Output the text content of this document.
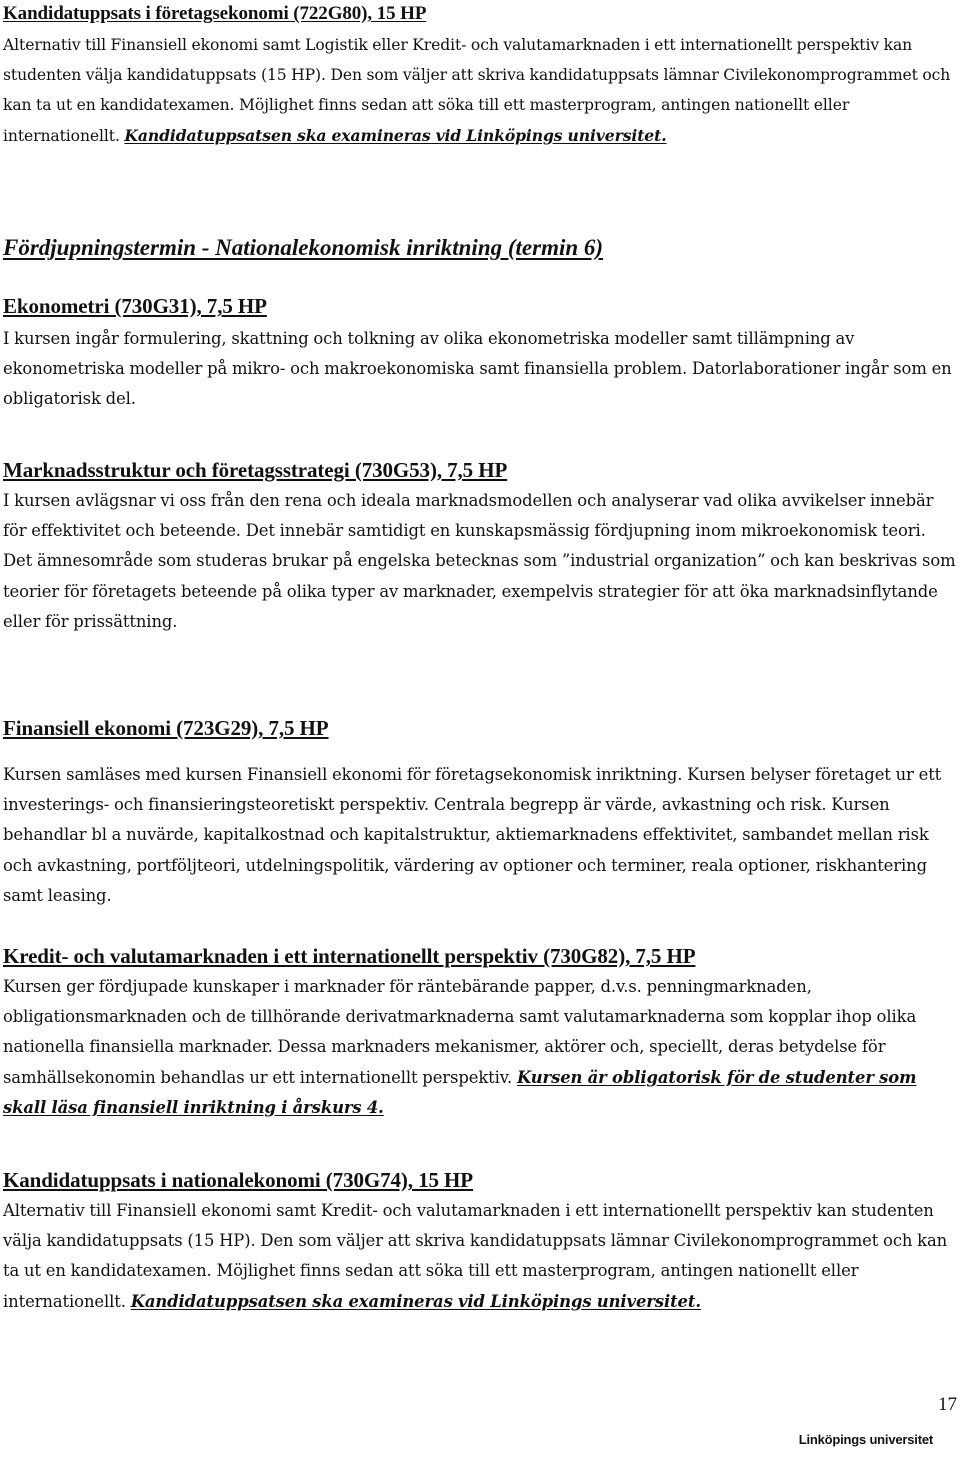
Kandidatuppsats i företagsekonomi (722G80), 15 HP

Alternativ till Finansiell ekonomi samt Logistik eller Kredit- och valutamarknaden i ett internationellt perspektiv kan studenten välja kandidatuppsats (15 HP). Den som väljer att skriva kandidatuppsats lämnar Civilekonomprogrammet och kan ta ut en kandidatexamen. Möjlighet finns sedan att söka till ett masterprogram, antingen nationellt eller internationellt. Kandidatuppsatsen ska examineras vid Linköpings universitet.

Fördjupningstermin - Nationalekonomisk inriktning (termin 6)
Ekonometri (730G31), 7,5 HP

I kursen ingår formulering, skattning och tolkning av olika ekonometriska modeller samt tillämpning av ekonometriska modeller på mikro- och makroekonomiska samt finansiella problem. Datorlaborationer ingår som en obligatorisk del.

Marknadsstruktur och företagsstrategi (730G53), 7,5 HP

I kursen avlägsnar vi oss från den rena och ideala marknadsmodellen och analyserar vad olika avvikelser innebär för effektivitet och beteende. Det innebär samtidigt en kunskapsmässig fördjupning inom mikroekonomisk teori. Det ämnesområde som studeras brukar på engelska betecknas som ”industrial organization” och kan beskrivas som teorier för företagets beteende på olika typer av marknader, exempelvis strategier för att öka marknadsinflytande eller för prissättning.

Finansiell ekonomi (723G29), 7,5 HP

Kursen samläses med kursen Finansiell ekonomi för företagsekonomisk inriktning. Kursen belyser företaget ur ett investerings- och finansieringsteoretiskt perspektiv. Centrala begrepp är värde, avkastning och risk. Kursen behandlar bl a nuvärde, kapitalkostnad och kapitalstruktur, aktiemarknadens effektivitet, sambandet mellan risk och avkastning, portföljteori, utdelningspolitik, värdering av optioner och terminer, reala optioner, riskhantering samt leasing.

Kredit- och valutamarknaden i ett internationellt perspektiv (730G82), 7,5 HP

Kursen ger fördjupade kunskaper i marknader för räntebärande papper, d.v.s. penningmarknaden, obligationsmarknaden och de tillhörande derivatmarknaderna samt valutamarknaderna som kopplar ihop olika nationella finansiella marknader. Dessa marknaders mekanismer, aktörer och, speciellt, deras betydelse för samhällsekonomin behandlas ur ett internationellt perspektiv. Kursen är obligatorisk för de studenter som skall läsa finansiell inriktning i årskurs 4.

Kandidatuppsats i nationalekonomi (730G74), 15 HP

Alternativ till Finansiell ekonomi samt Kredit- och valutamarknaden i ett internationellt perspektiv kan studenten välja kandidatuppsats (15 HP). Den som väljer att skriva kandidatuppsats lämnar Civilekonomprogrammet och kan ta ut en kandidatexamen. Möjlighet finns sedan att söka till ett masterprogram, antingen nationellt eller internationellt. Kandidatuppsatsen ska examineras vid Linköpings universitet.

17
Linköpings universitet
